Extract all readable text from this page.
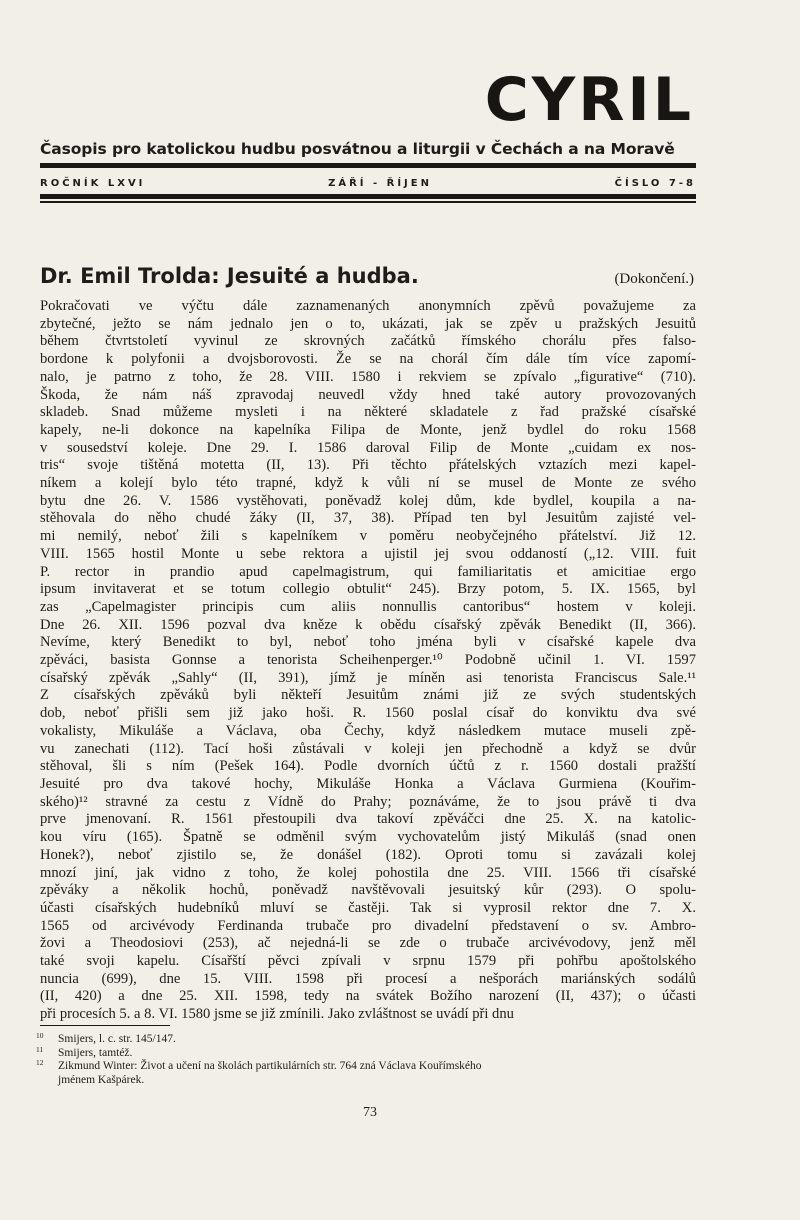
CYRIL
Časopis pro katolickou hudbu posvátnou a liturgii v Čechách a na Moravě
ROČNÍK LXVI	ZÁŘÍ - ŘÍJEN	ČÍSLO 7-8
Dr. Emil Trolda: Jesuité a hudba.	(Dokončení.)
Pokračovati ve výčtu dále zaznamenaných anonymních zpěvů považujeme za
zbytečné, ježto se nám jednalo jen o to, ukázati, jak se zpěv u pražských Jesuitů
během čtvrtstoletí vyvinul ze skrovných začátků římského chorálu přes falso-
bordone k polyfonii a dvojsborovosti. Že se na chorál čím dále tím více zapomí-
nalo, je patrno z toho, že 28. VIII. 1580 i rekviem se zpívalo „figurative“ (710).
Škoda, že nám náš zpravodaj neuvedl vždy hned také autory provozovaných
skladeb. Snad můžeme mysleti i na některé skladatele z řad pražské císařské
kapely, ne-li dokonce na kapelníka Filipa de Monte, jenž bydlel do roku 1568
v sousedství koleje. Dne 29. I. 1586 daroval Filip de Monte „cuidam ex nos-
tris“ svoje tištěná motetta (II, 13). Při těchto přátelských vztazích mezi kapel-
níkem a kolejí bylo této trapné, když k vůli ní se musel de Monte ze svého
bytu dne 26. V. 1586 vystěhovati, poněvadž kolej dům, kde bydlel, koupila a na-
stěhovala do něho chudé žáky (II, 37, 38). Případ ten byl Jesuitům zajisté vel-
mi nemilý, neboť žili s kapelníkem v poměru neobyčejného přátelství. Již 12.
VIII. 1565 hostil Monte u sebe rektora a ujistil jej svou oddaností („12. VIII. fuit
P. rector in prandio apud capelmagistrum, qui familiaritatis et amicitiae ergo
ipsum invitaverat et se totum collegio obtulit“ 245). Brzy potom, 5. IX. 1565, byl
zas „Capelmagister principis cum aliis nonnullis cantoribus“ hostem v koleji.
Dne 26. XII. 1596 pozval dva kněze k obědu císařský zpěvák Benedikt (II, 366).
Nevíme, který Benedikt to byl, neboť toho jména byli v císařské kapele dva
zpěváci, basista Gonnse a tenorista Scheihenperger.¹⁰ Podobně učinil 1. VI. 1597
císařský zpěvák „Sahly“ (II, 391), jímž je míněn asi tenorista Franciscus Sale.¹¹
Z císařských zpěváků byli někteří Jesuitům známi již ze svých studentských
dob, neboť přišli sem již jako hoši. R. 1560 poslal císař do konviktu dva své
vokalisty, Mikuláše a Václava, oba Čechy, když následkem mutace museli zpě-
vu zanechati (112). Tací hoši zůstávali v koleji jen přechodně a když se dvůr
stěhoval, šli s ním (Pešek 164). Podle dvorních účtů z r. 1560 dostali pražští
Jesuité pro dva takové hochy, Mikuláše Honka a Václava Gurmiena (Kouřim-
ského)¹² stravné za cestu z Vídně do Prahy; poznáváme, že to jsou právě ti dva
prve jmenovaní. R. 1561 přestoupili dva takoví zpěváčci dne 25. X. na katolic-
kou víru (165). Špatně se odměnil svým vychovatelům jistý Mikuláš (snad onen
Honek?), neboť zjistilo se, že donášel (182). Oproti tomu si zavázali kolej
mnozí jiní, jak vidno z toho, že kolej pohostila dne 25. VIII. 1566 tři císařské
zpěváky a několik hochů, poněvadž navštěvovali jesuitský kůr (293). O spolu-
účasti císařských hudebníků mluví se častěji. Tak si vyprosil rektor dne 7. X.
1565 od arcivévody Ferdinanda trubače pro divadelní představení o sv. Ambro-
žovi a Theodosiovi (253), ač nejedná-li se zde o trubače arcivévodovy, jenž měl
také svoji kapelu. Císařští pěvci zpívali v srpnu 1579 při pohřbu apoštolského
nuncia (699), dne 15. VIII. 1598 při procesí a nešporách mariánských sodálů
(II, 420) a dne 25. XII. 1598, tedy na svátek Božího narození (II, 437); o účasti
při procesích 5. a 8. VI. 1580 jsme se již zmínili. Jako zvláštnost se uvádí při dnu
$^{10}$ Smijers, l. c. str. 145/147.
$^{11}$ Smijers, tamtéž.
$^{12}$ Zikmund Winter: Život a učení na školách partikulárních str. 764 zná Václava Kouřímského
jménem Kašpárek.
73
